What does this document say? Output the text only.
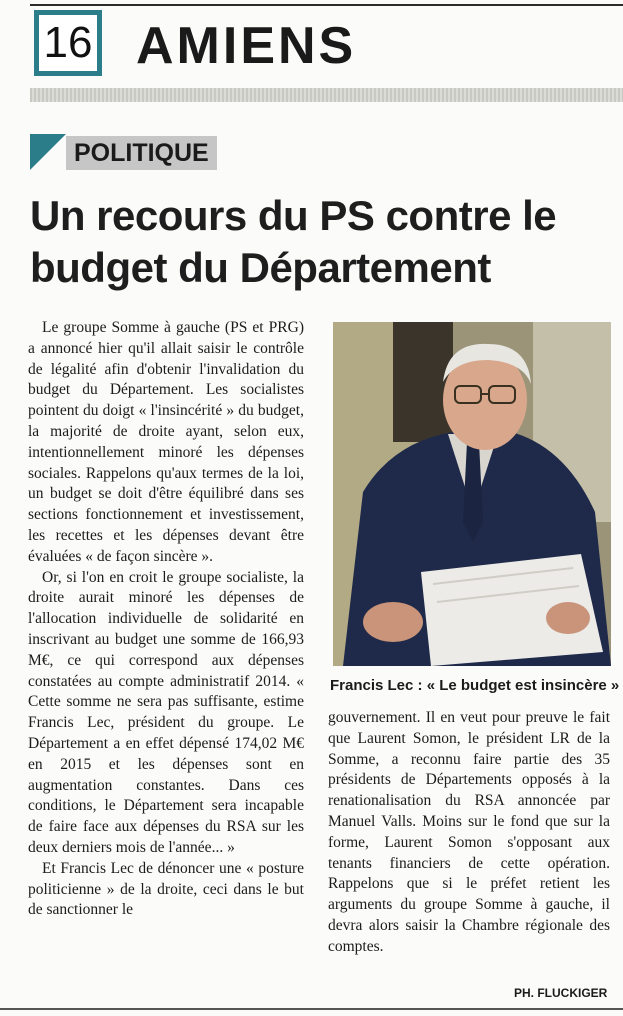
16 AMIENS
POLITIQUE
Un recours du PS contre le budget du Département

Le groupe Somme à gauche (PS et PRG) a annoncé hier qu'il allait saisir le contrôle de légalité afin d'obtenir l'invalidation du budget du Département. Les socialistes pointent du doigt « l'insincérité » du budget, la majorité de droite ayant, selon eux, intentionnellement minoré les dépenses sociales. Rappelons qu'aux termes de la loi, un budget se doit d'être équilibré dans ses sections fonctionnement et investissement, les recettes et les dépenses devant être évaluées « de façon sincère ».

Or, si l'on en croit le groupe socialiste, la droite aurait minoré les dépenses de l'allocation individuelle de solidarité en inscrivant au budget une somme de 166,93 M€, ce qui correspond aux dépenses constatées au compte administratif 2014. « Cette somme ne sera pas suffisante, estime Francis Lec, président du groupe. Le Département a en effet dépensé 174,02 M€ en 2015 et les dépenses sont en augmentation constantes. Dans ces conditions, le Département sera incapable de faire face aux dépenses du RSA sur les deux derniers mois de l'année... »

Et Francis Lec de dénoncer une « posture politicienne » de la droite, ceci dans le but de sanctionner le

Francis Lec : « Le budget est insincère »

gouvernement. Il en veut pour preuve le fait que Laurent Somon, le président LR de la Somme, a reconnu faire partie des 35 présidents de Départements opposés à la renationalisation du RSA annoncée par Manuel Valls. Moins sur le fond que sur la forme, Laurent Somon s'opposant aux tenants financiers de cette opération. Rappelons que si le préfet retient les arguments du groupe Somme à gauche, il devra alors saisir la Chambre régionale des comptes.

PH. FLUCKIGER
